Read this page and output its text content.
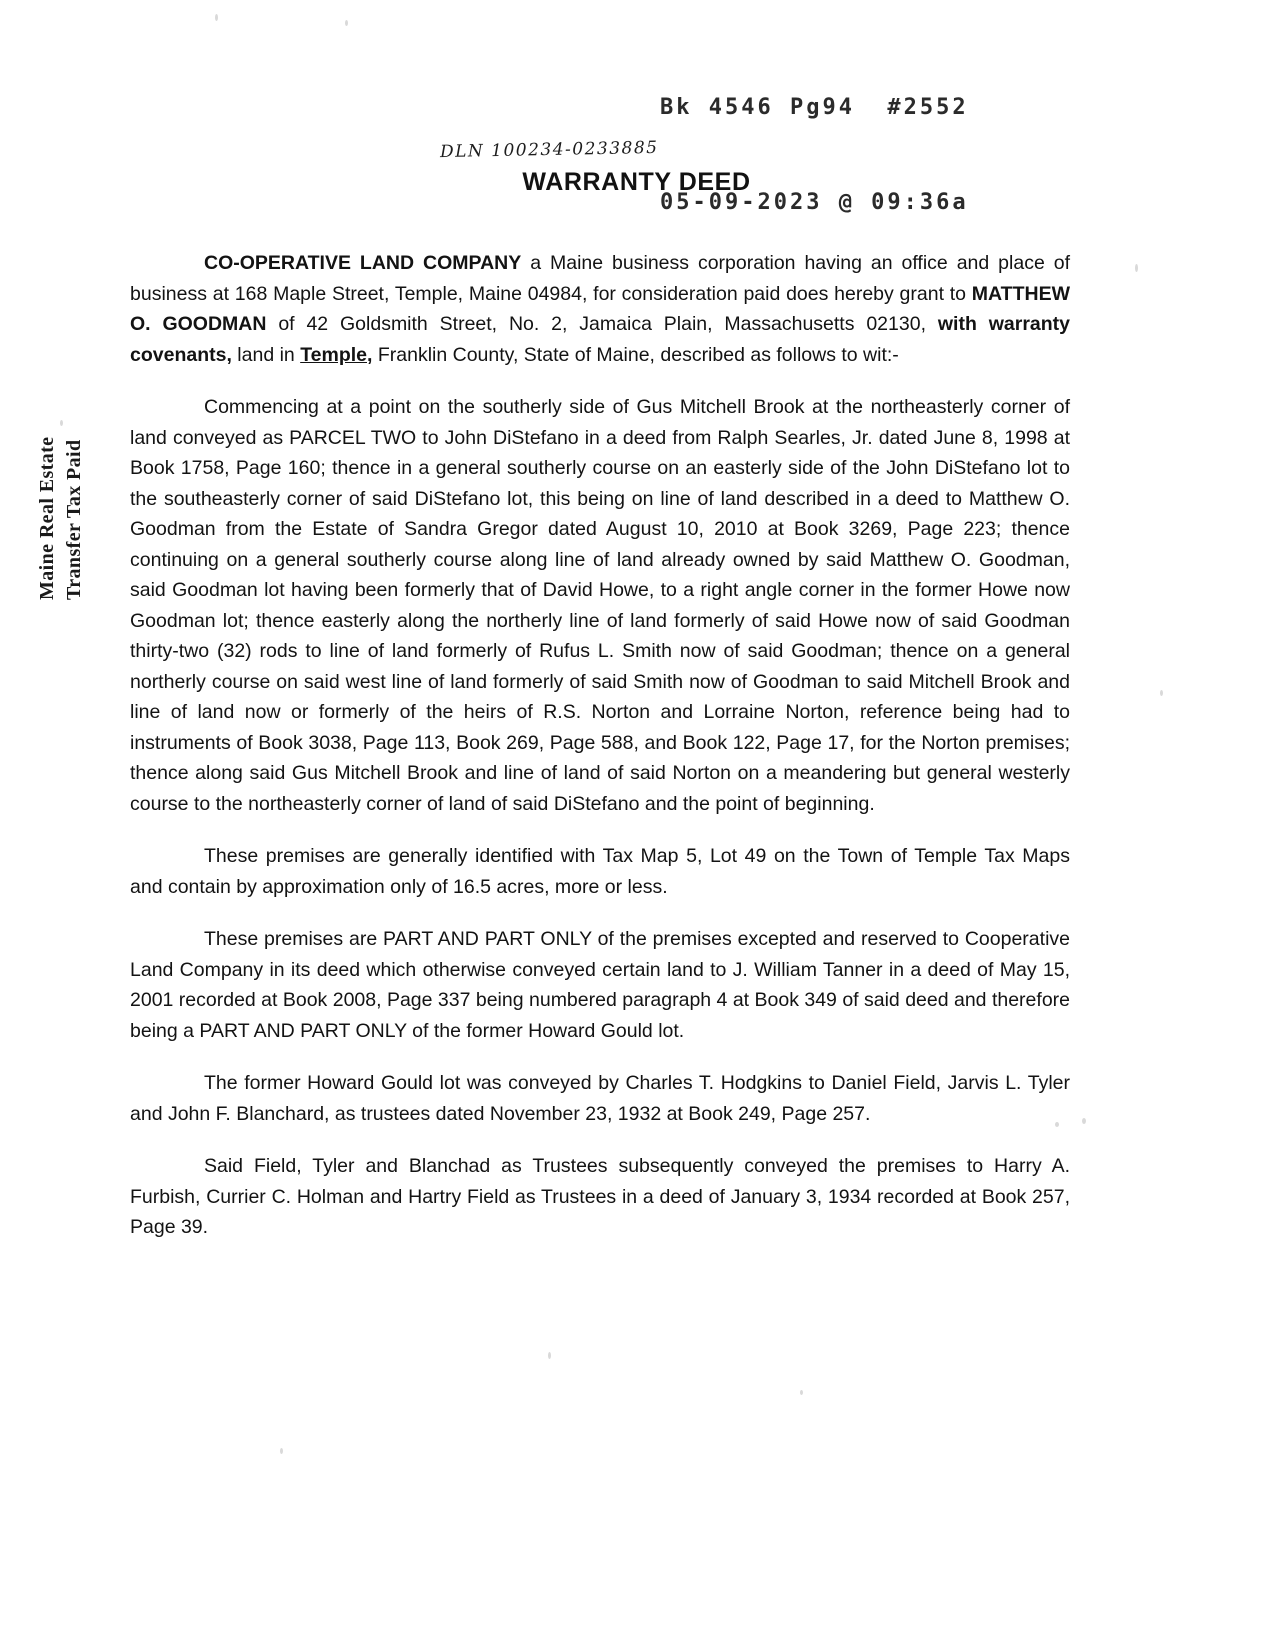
Bk 4546 Pg94  #2552

05-09-2023 @ 09:36a

DLN 100234-0233885
WARRANTY DEED
Maine Real Estate Transfer Tax Paid

CO-OPERATIVE LAND COMPANY a Maine business corporation having an office and place of business at 168 Maple Street, Temple, Maine 04984, for consideration paid does hereby grant to MATTHEW O. GOODMAN of 42 Goldsmith Street, No. 2, Jamaica Plain, Massachusetts 02130, with warranty covenants, land in Temple, Franklin County, State of Maine, described as follows to wit:-

Commencing at a point on the southerly side of Gus Mitchell Brook at the northeasterly corner of land conveyed as PARCEL TWO to John DiStefano in a deed from Ralph Searles, Jr. dated June 8, 1998 at Book 1758, Page 160; thence in a general southerly course on an easterly side of the John DiStefano lot to the southeasterly corner of said DiStefano lot, this being on line of land described in a deed to Matthew O. Goodman from the Estate of Sandra Gregor dated August 10, 2010 at Book 3269, Page 223; thence continuing on a general southerly course along line of land already owned by said Matthew O. Goodman, said Goodman lot having been formerly that of David Howe, to a right angle corner in the former Howe now Goodman lot; thence easterly along the northerly line of land formerly of said Howe now of said Goodman thirty-two (32) rods to line of land formerly of Rufus L. Smith now of said Goodman; thence on a general northerly course on said west line of land formerly of said Smith now of Goodman to said Mitchell Brook and line of land now or formerly of the heirs of R.S. Norton and Lorraine Norton, reference being had to instruments of Book 3038, Page 113, Book 269, Page 588, and Book 122, Page 17, for the Norton premises; thence along said Gus Mitchell Brook and line of land of said Norton on a meandering but general westerly course to the northeasterly corner of land of said DiStefano and the point of beginning.

These premises are generally identified with Tax Map 5, Lot 49 on the Town of Temple Tax Maps and contain by approximation only of 16.5 acres, more or less.

These premises are PART AND PART ONLY of the premises excepted and reserved to Cooperative Land Company in its deed which otherwise conveyed certain land to J. William Tanner in a deed of May 15, 2001 recorded at Book 2008, Page 337 being numbered paragraph 4 at Book 349 of said deed and therefore being a PART AND PART ONLY of the former Howard Gould lot.

The former Howard Gould lot was conveyed by Charles T. Hodgkins to Daniel Field, Jarvis L. Tyler and John F. Blanchard, as trustees dated November 23, 1932 at Book 249, Page 257.

Said Field, Tyler and Blanchad as Trustees subsequently conveyed the premises to Harry A. Furbish, Currier C. Holman and Hartry Field as Trustees in a deed of January 3, 1934 recorded at Book 257, Page 39.
